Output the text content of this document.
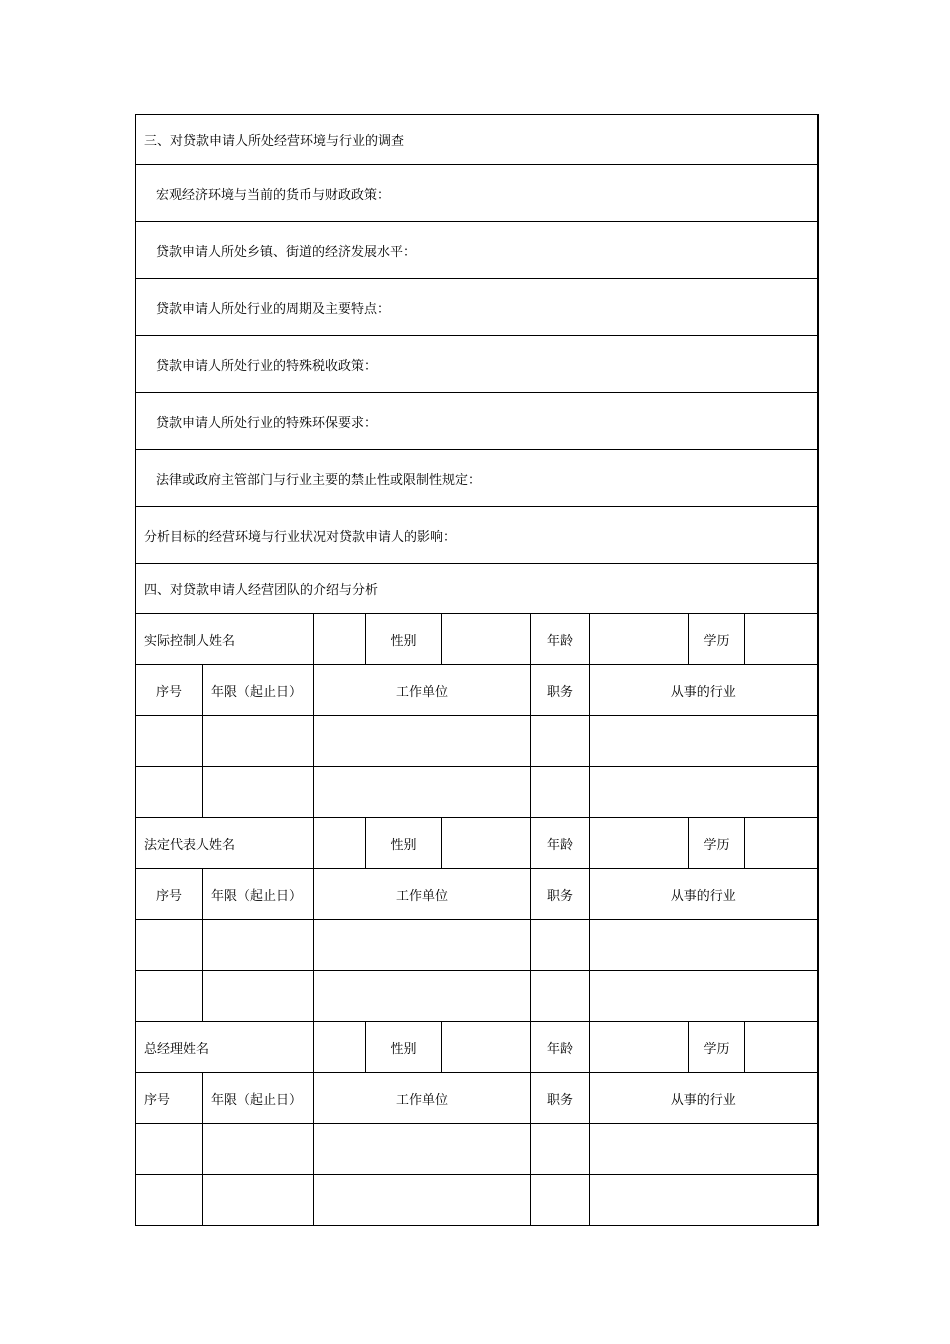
三、对贷款申请人所处经营环境与行业的调查								
宏观经济环境与当前的货币与财政政策：								
贷款申请人所处乡镇、街道的经济发展水平：								
贷款申请人所处行业的周期及主要特点：								
贷款申请人所处行业的特殊税收政策：								
贷款申请人所处行业的特殊环保要求：								
法律或政府主管部门与行业主要的禁止性或限制性规定：								
分析目标的经营环境与行业状况对贷款申请人的影响：								
四、对贷款申请人经营团队的介绍与分析								
实际控制人姓名			性别		年龄		学历	
序号	年限（起止日）	工作单位			职务	从事的行业		

法定代表人姓名			性别		年龄		学历	
序号	年限（起止日）	工作单位			职务	从事的行业		

总经理姓名			性别		年龄		学历	
序号	年限（起止日）	工作单位			职务	从事的行业		
